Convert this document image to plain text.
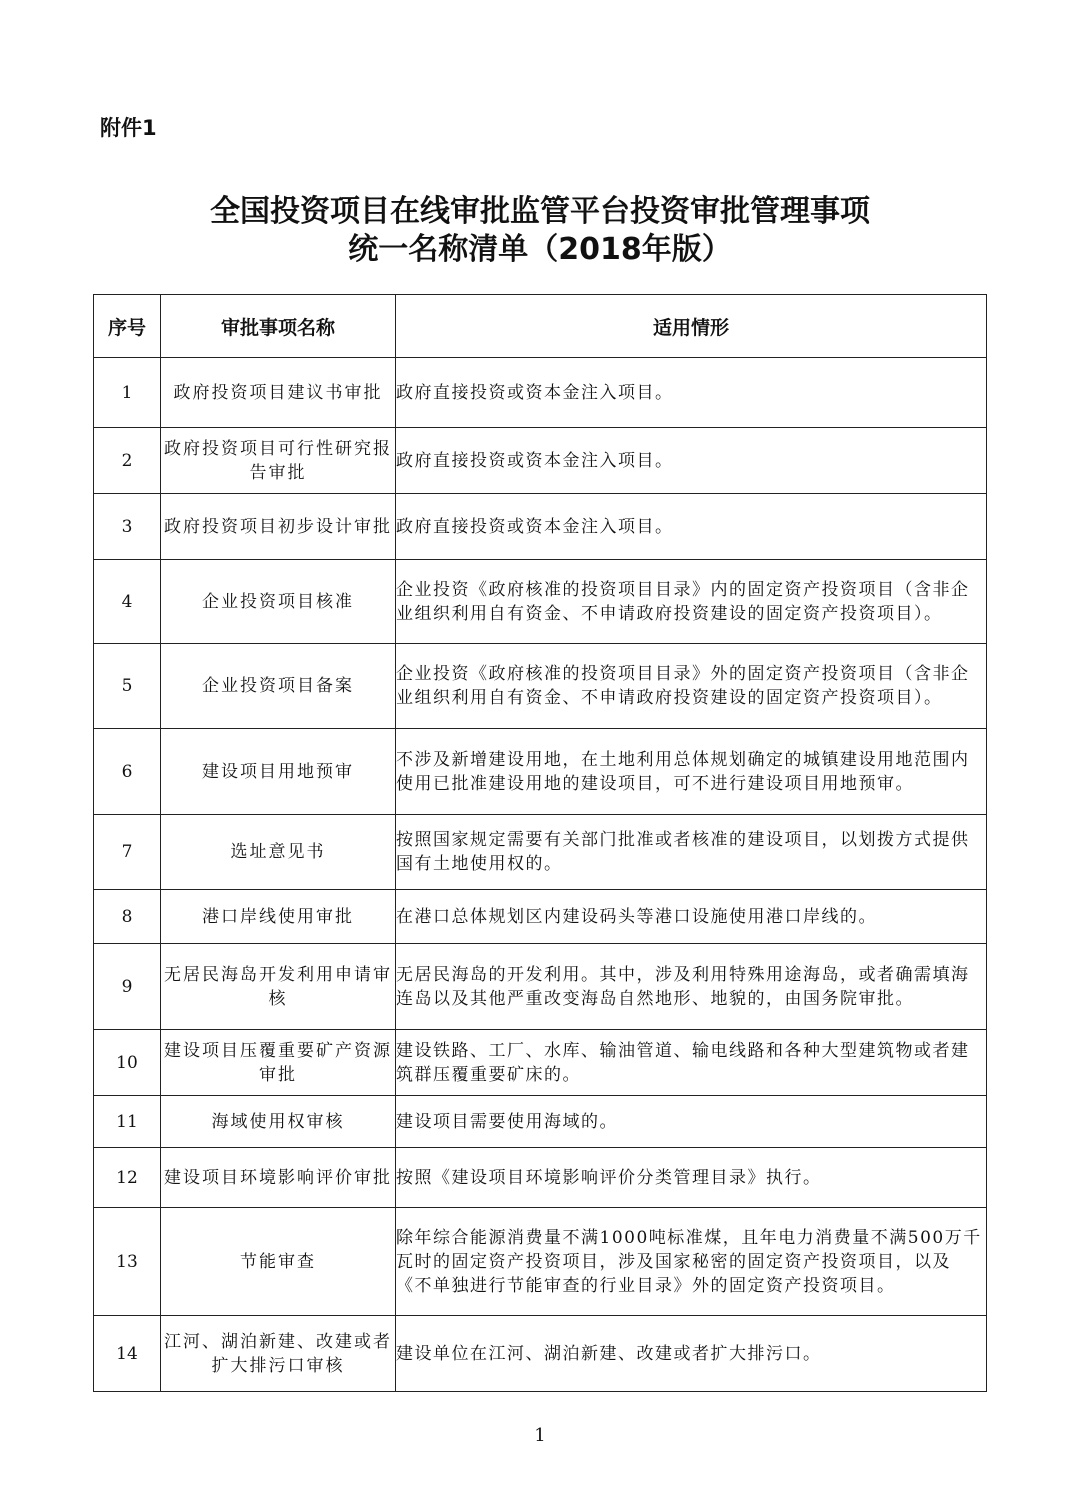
附件1
全国投资项目在线审批监管平台投资审批管理事项
统一名称清单（2018年版）
序号	审批事项名称	适用情形
1	政府投资项目建议书审批	政府直接投资或资本金注入项目。
2	政府投资项目可行性研究报告审批	政府直接投资或资本金注入项目。
3	政府投资项目初步设计审批	政府直接投资或资本金注入项目。
4	企业投资项目核准	企业投资《政府核准的投资项目目录》内的固定资产投资项目（含非企业组织利用自有资金、不申请政府投资建设的固定资产投资项目）。
5	企业投资项目备案	企业投资《政府核准的投资项目目录》外的固定资产投资项目（含非企业组织利用自有资金、不申请政府投资建设的固定资产投资项目）。
6	建设项目用地预审	不涉及新增建设用地，在土地利用总体规划确定的城镇建设用地范围内使用已批准建设用地的建设项目，可不进行建设项目用地预审。
7	选址意见书	按照国家规定需要有关部门批准或者核准的建设项目，以划拨方式提供国有土地使用权的。
8	港口岸线使用审批	在港口总体规划区内建设码头等港口设施使用港口岸线的。
9	无居民海岛开发利用申请审核	无居民海岛的开发利用。其中，涉及利用特殊用途海岛，或者确需填海连岛以及其他严重改变海岛自然地形、地貌的，由国务院审批。
10	建设项目压覆重要矿产资源审批	建设铁路、工厂、水库、输油管道、输电线路和各种大型建筑物或者建筑群压覆重要矿床的。
11	海域使用权审核	建设项目需要使用海域的。
12	建设项目环境影响评价审批	按照《建设项目环境影响评价分类管理目录》执行。
13	节能审查	除年综合能源消费量不满1000吨标准煤，且年电力消费量不满500万千瓦时的固定资产投资项目，涉及国家秘密的固定资产投资项目，以及《不单独进行节能审查的行业目录》外的固定资产投资项目。
14	江河、湖泊新建、改建或者扩大排污口审核	建设单位在江河、湖泊新建、改建或者扩大排污口。
1
